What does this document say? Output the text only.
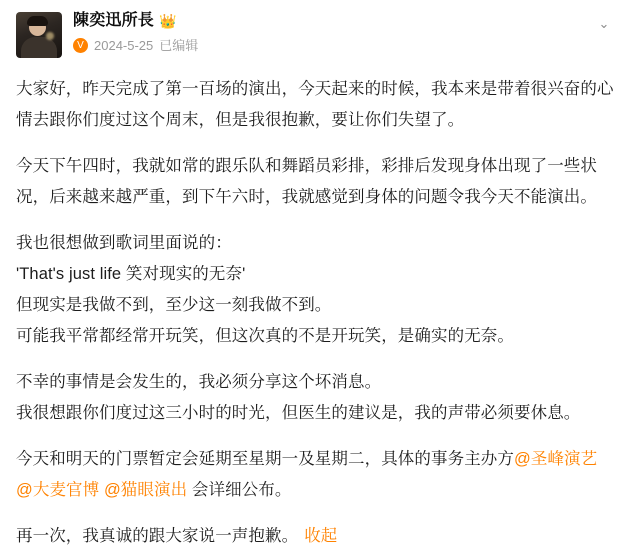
陳奕迅所長 👑
V 2024-5-25 已编辑
⌄

大家好，昨天完成了第一百场的演出，今天起来的时候，我本来是带着很兴奋的心
情去跟你们度过这个周末，但是我很抱歉，要让你们失望了。

今天下午四时，我就如常的跟乐队和舞蹈员彩排，彩排后发现身体出现了一些状
况，后来越来越严重，到下午六时，我就感觉到身体的问题令我今天不能演出。

我也很想做到歌词里面说的：
'That's just life 笑对现实的无奈'
但现实是我做不到，至少这一刻我做不到。
可能我平常都经常开玩笑，但这次真的不是开玩笑，是确实的无奈。

不幸的事情是会发生的，我必须分享这个坏消息。
我很想跟你们度过这三小时的时光，但医生的建议是，我的声带必须要休息。

今天和明天的门票暂定会延期至星期一及星期二，具体的事务主办方@圣峰演艺
@大麦官博 @猫眼演出 会详细公布。

再一次，我真诚的跟大家说一声抱歉。 收起
